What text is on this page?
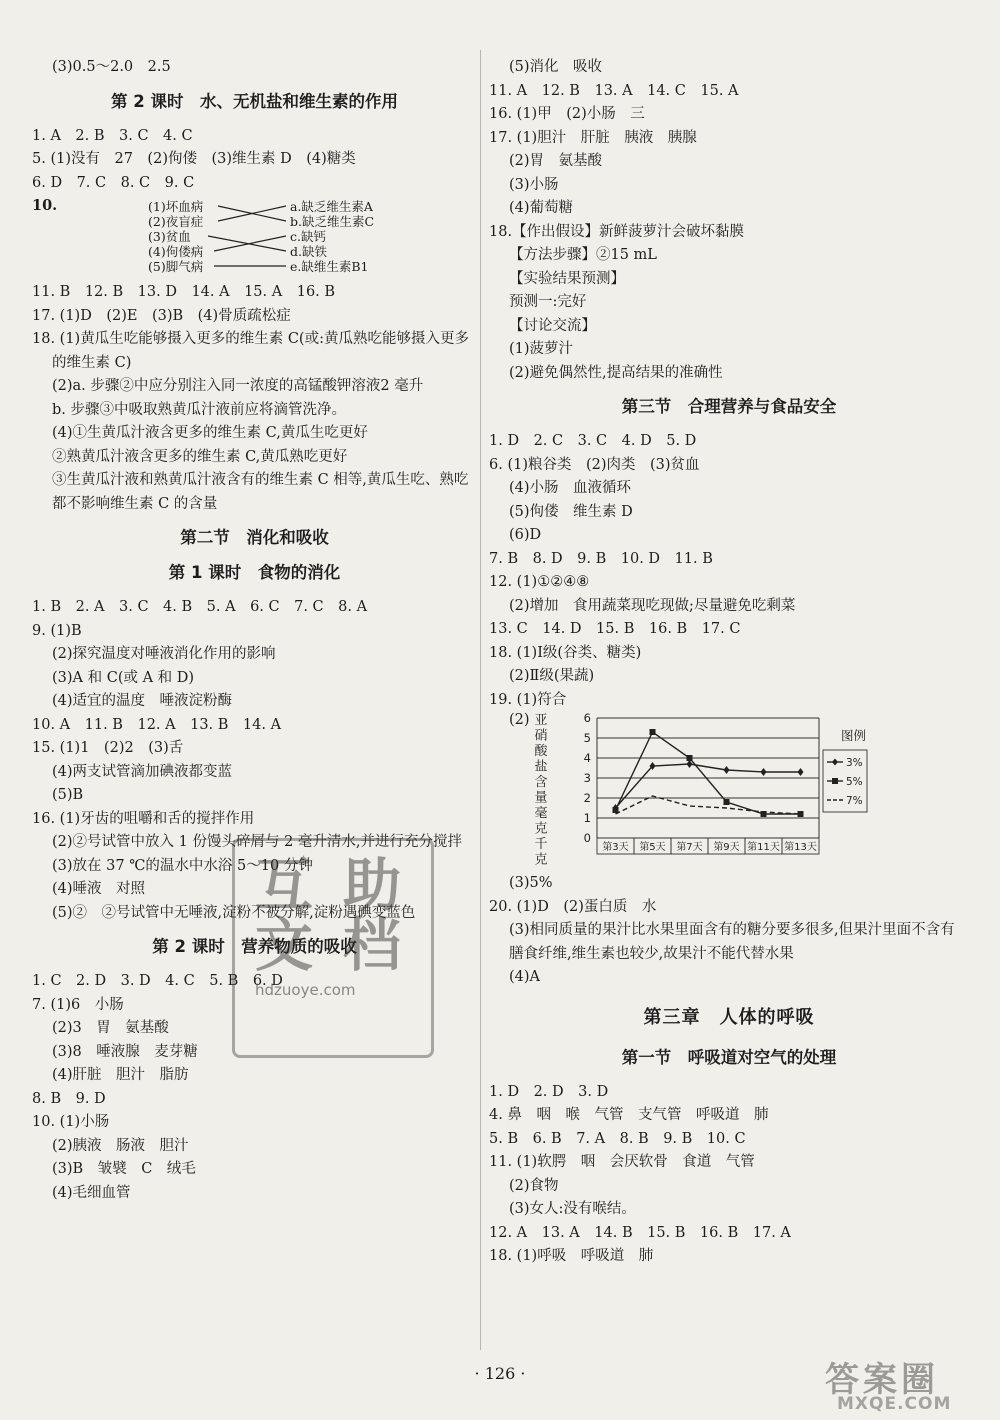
(3)0.5～2.0　2.5
第 2 课时　水、无机盐和维生素的作用
1. A　2. B　3. C　4. C
5. (1)没有　27　(2)佝偻　(3)维生素 D　(4)糖类
6. D　7. C　8. C　9. C
10.	(1)坏血病
(2)夜盲症
(3)贫血
(4)佝偻病
(5)脚气病
a.缺乏维生素A
b.缺乏维生素C
c.缺钙
d.缺铁
e.缺维生素B1
11. B　12. B　13. D　14. A　15. A　16. B
17. (1)D　(2)E　(3)B　(4)骨质疏松症
18. (1)黄瓜生吃能够摄入更多的维生素 C(或:黄瓜熟吃能够摄入更多的维生素 C)
(2)a. 步骤②中应分别注入同一浓度的高锰酸钾溶液2 毫升
b. 步骤③中吸取熟黄瓜汁液前应将滴管洗净。
(4)①生黄瓜汁液含更多的维生素 C,黄瓜生吃更好
②熟黄瓜汁液含更多的维生素 C,黄瓜熟吃更好
③生黄瓜汁液和熟黄瓜汁液含有的维生素 C 相等,黄瓜生吃、熟吃都不影响维生素 C 的含量
第二节　消化和吸收
第 1 课时　食物的消化
1. B　2. A　3. C　4. B　5. A　6. C　7. C　8. A
9. (1)B
(2)探究温度对唾液消化作用的影响
(3)A 和 C(或 A 和 D)
(4)适宜的温度　唾液淀粉酶
10. A　11. B　12. A　13. B　14. A
15. (1)1　(2)2　(3)舌
(4)两支试管滴加碘液都变蓝
(5)B
16. (1)牙齿的咀嚼和舌的搅拌作用
(2)②号试管中放入 1 份馒头碎屑与 2 毫升清水,并进行充分搅拌
(3)放在 37 ℃的温水中水浴 5～10 分钟
(4)唾液　对照
(5)②　②号试管中无唾液,淀粉不被分解,淀粉遇碘变蓝色
第 2 课时　营养物质的吸收
1. C　2. D　3. D　4. C　5. B　6. D
7. (1)6　小肠
(2)3　胃　氨基酸
(3)8　唾液腺　麦芽糖
(4)肝脏　胆汁　脂肪
8. B　9. D
10. (1)小肠
(2)胰液　肠液　胆汁
(3)B　皱襞　C　绒毛
(4)毛细血管
(5)消化　吸收
11. A　12. B　13. A　14. C　15. A
16. (1)甲　(2)小肠　三
17. (1)胆汁　肝脏　胰液　胰腺
(2)胃　氨基酸
(3)小肠
(4)葡萄糖
18.【作出假设】新鲜菠萝汁会破坏黏膜
【方法步骤】②15 mL
【实验结果预测】
预测一:完好
【讨论交流】
(1)菠萝汁
(2)避免偶然性,提高结果的准确性
第三节　合理营养与食品安全
1. D　2. C　3. C　4. D　5. D
6. (1)粮谷类　(2)肉类　(3)贫血
(4)小肠　血液循环
(5)佝偻　维生素 D
(6)D
7. B　8. D　9. B　10. D　11. B
12. (1)①②④⑧
(2)增加　食用蔬菜现吃现做;尽量避免吃剩菜
13. C　14. D　15. B　16. B　17. C
18. (1)Ⅰ级(谷类、糖类)
(2)Ⅱ级(果蔬)
19. (1)符合
(2) 亚
硝
酸
盐
含
量
毫
克
千
克
0
1
2
3
4
5
6
第3天 第5天 第7天 第9天 第11天 第13天
图例
3%
5%
7%
(3)5%
20. (1)D　(2)蛋白质　水
(3)相同质量的果汁比水果里面含有的糖分要多很多,但果汁里面不含有膳食纤维,维生素也较少,故果汁不能代替水果
(4)A
第三章　人体的呼吸
第一节　呼吸道对空气的处理
1. D　2. D　3. D
4. 鼻　咽　喉　气管　支气管　呼吸道　肺
5. B　6. B　7. A　8. B　9. B　10. C
11. (1)软腭　咽　会厌软骨　食道　气管
(2)食物
(3)女人:没有喉结。
12. A　13. A　14. B　15. B　16. B　17. A
18. (1)呼吸　呼吸道　肺
互 助
文 档
hdzuoye.com
· 126 ·	答案圈
MXQE.COM
